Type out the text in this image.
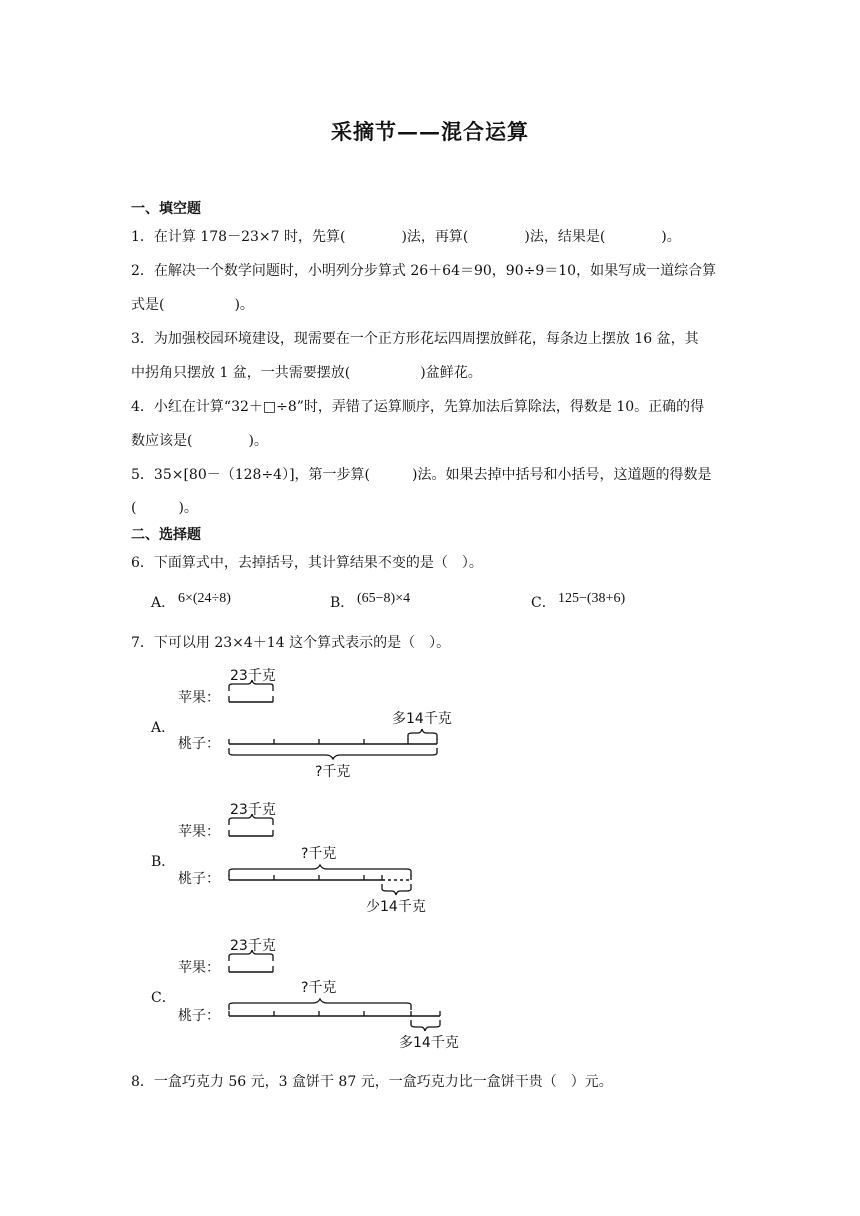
采摘节——混合运算
一、填空题
1．在计算 178－23×7 时，先算(　　　　)法，再算(　　　　)法，结果是(　　　　)。
2．在解决一个数学问题时，小明列分步算式 26＋64＝90，90÷9＝10，如果写成一道综合算
式是(　　　　　)。
3．为加强校园环境建设，现需要在一个正方形花坛四周摆放鲜花，每条边上摆放 16 盆，其
中拐角只摆放 1 盆，一共需要摆放(　　　　　)盆鲜花。
4．小红在计算“32＋□÷8”时，弄错了运算顺序，先算加法后算除法，得数是 10。正确的得
数应该是(　　　　)。
5．35×[80－（128÷4）]，第一步算(　　　)法。如果去掉中括号和小括号，这道题的得数是
(　　　)。
二、选择题
6．下面算式中，去掉括号，其计算结果不变的是（　）。
A． 6×(24÷8)	B． (65−8)×4	C． 125−(38+6)
7．下可以用 23×4＋14 这个算式表示的是（　）。
A．
23千克
苹果：
多14千克
桃子：
?千克
B．
23千克
苹果：
?千克
桃子：
少14千克
C．
23千克
苹果：
?千克
桃子：
多14千克
8．一盒巧克力 56 元，3 盒饼干 87 元，一盒巧克力比一盒饼干贵（　）元。
